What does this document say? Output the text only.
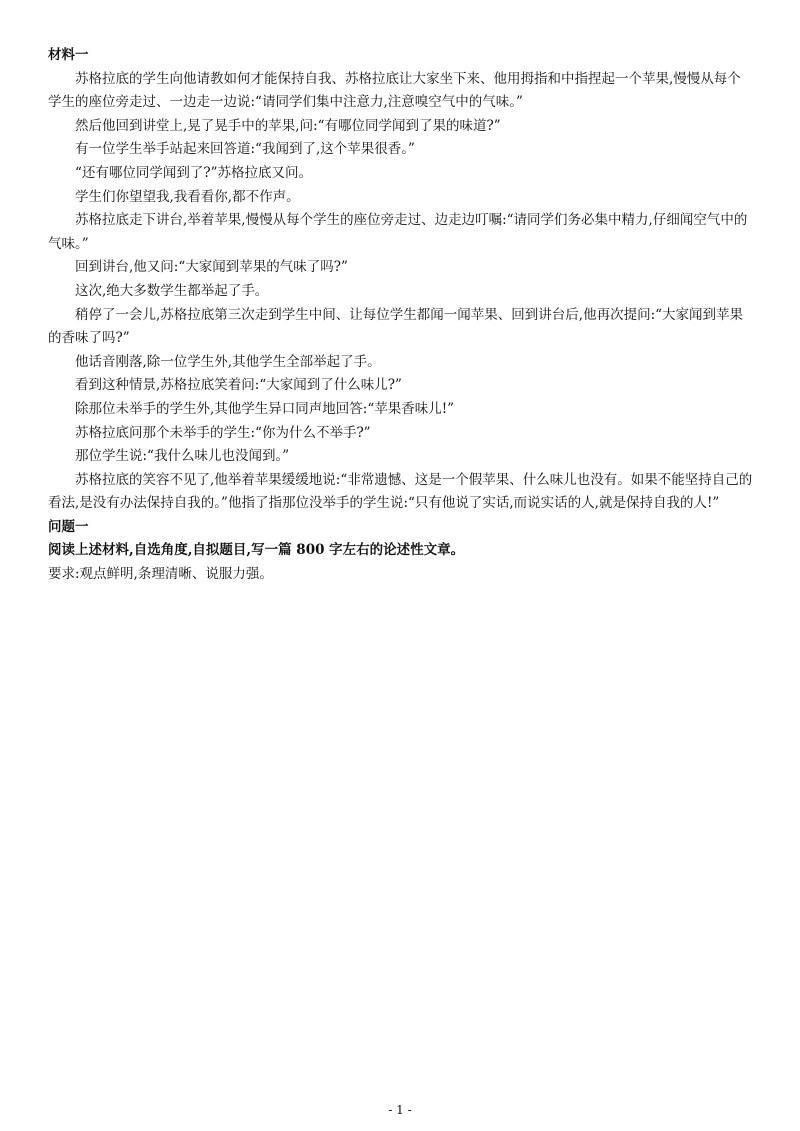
材料一

苏格拉底的学生向他请教如何才能保持自我、苏格拉底让大家坐下来、他用拇指和中指捏起一个苹果,慢慢从每个学生的座位旁走过、一边走一边说:“请同学们集中注意力,注意嗅空气中的气味。”

然后他回到讲堂上,晃了晃手中的苹果,问:“有哪位同学闻到了果的味道?”

有一位学生举手站起来回答道:“我闻到了,这个苹果很香。”

“还有哪位同学闻到了?”苏格拉底又问。

学生们你望望我,我看看你,都不作声。

苏格拉底走下讲台,举着苹果,慢慢从每个学生的座位旁走过、边走边叮嘱:“请同学们务必集中精力,仔细闻空气中的气味。”

回到讲台,他又问:“大家闻到苹果的气味了吗?”

这次,绝大多数学生都举起了手。

稍停了一会儿,苏格拉底第三次走到学生中间、让每位学生都闻一闻苹果、回到讲台后,他再次提问:“大家闻到苹果的香味了吗?”

他话音刚落,除一位学生外,其他学生全部举起了手。

看到这种情景,苏格拉底笑着问:“大家闻到了什么味儿?”

除那位未举手的学生外,其他学生异口同声地回答:“苹果香味儿!”

苏格拉底问那个未举手的学生:“你为什么不举手?”

那位学生说:“我什么味儿也没闻到。”

苏格拉底的笑容不见了,他举着苹果缓缓地说:“非常遗憾、这是一个假苹果、什么味儿也没有。如果不能坚持自己的看法,是没有办法保持自我的。”他指了指那位没举手的学生说:“只有他说了实话,而说实话的人,就是保持自我的人!”

问题一

阅读上述材料,自选角度,自拟题目,写一篇 800 字左右的论述性文章。

要求:观点鲜明,条理清晰、说服力强。

- 1 -
